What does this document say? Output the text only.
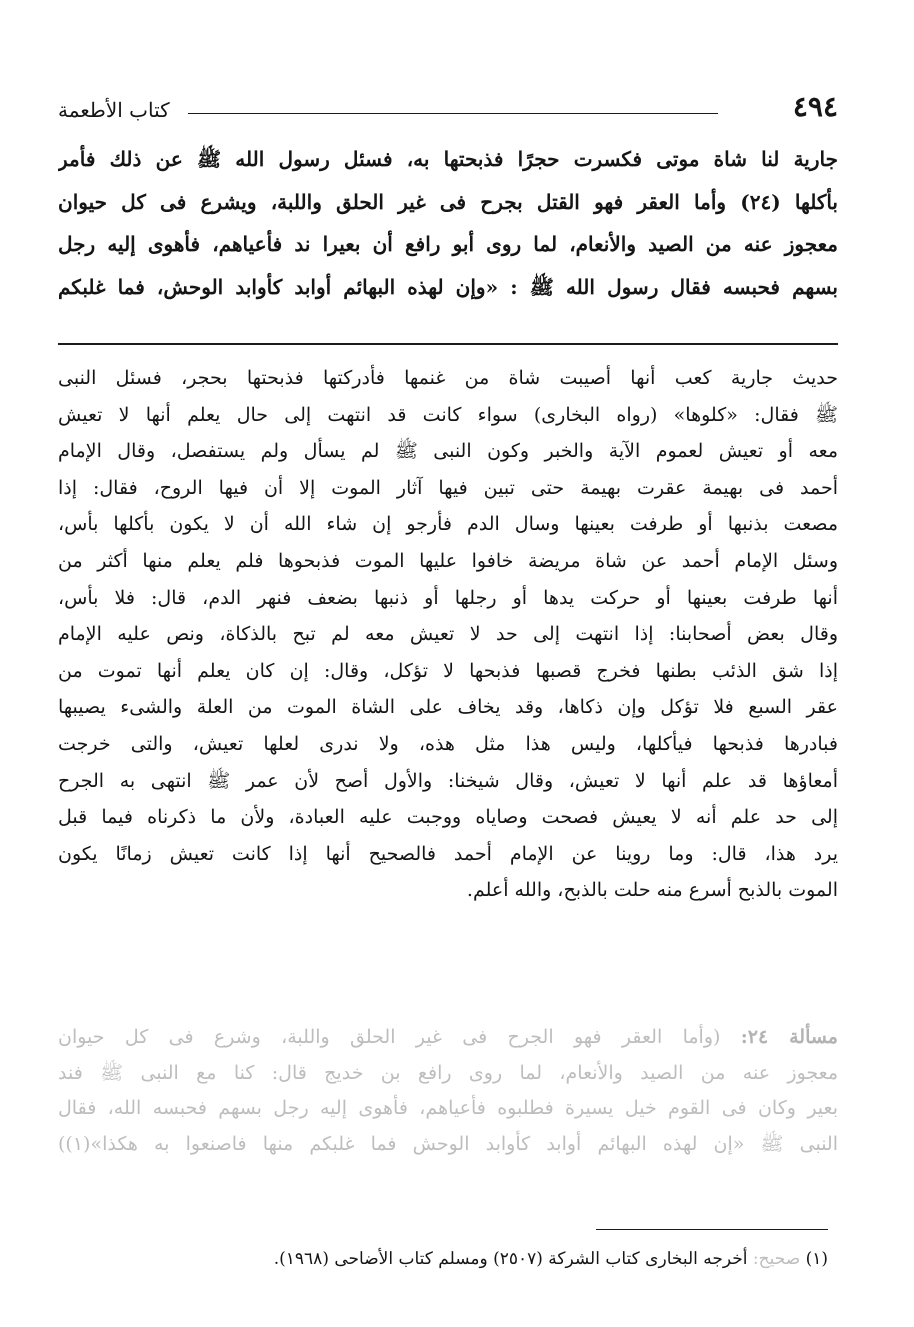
٤٩٤
كتاب الأطعمة
جارية لنا شاة موتى فكسرت حجرًا فذبحتها به، فسئل رسول الله ﷺ عن ذلك فأمر
بأكلها (٢٤) وأما العقر فهو القتل بجرح فى غير الحلق واللبة، ويشرع فى كل حيوان
معجوز عنه من الصيد والأنعام، لما روى أبو رافع أن بعيرا ند فأعياهم، فأهوى إليه رجل
بسهم فحبسه فقال رسول الله ﷺ : «وإن لهذه البهائم أوابد كأوابد الوحش، فما غلبكم
حديث جارية كعب أنها أصيبت شاة من غنمها فأدركتها فذبحتها بحجر، فسئل النبى
ﷺ فقال: «كلوها» (رواه البخارى) سواء كانت قد انتهت إلى حال يعلم أنها لا تعيش
معه أو تعيش لعموم الآية والخبر وكون النبى ﷺ لم يسأل ولم يستفصل، وقال الإمام
أحمد فى بهيمة عقرت بهيمة حتى تبين فيها آثار الموت إلا أن فيها الروح، فقال: إذا
مصعت بذنبها أو طرفت بعينها وسال الدم فأرجو إن شاء الله أن لا يكون بأكلها بأس،
وسئل الإمام أحمد عن شاة مريضة خافوا عليها الموت فذبحوها فلم يعلم منها أكثر من
أنها طرفت بعينها أو حركت يدها أو رجلها أو ذنبها بضعف فنهر الدم، قال: فلا بأس،
وقال بعض أصحابنا: إذا انتهت إلى حد لا تعيش معه لم تبح بالذكاة، ونص عليه الإمام
إذا شق الذئب بطنها فخرج قصبها فذبحها لا تؤكل، وقال: إن كان يعلم أنها تموت من
عقر السبع فلا تؤكل وإن ذكاها، وقد يخاف على الشاة الموت من العلة والشىء يصيبها
فبادرها فذبحها فيأكلها، وليس هذا مثل هذه، ولا ندرى لعلها تعيش، والتى خرجت
أمعاؤها قد علم أنها لا تعيش، وقال شيخنا: والأول أصح لأن عمر ﷺ انتهى به الجرح
إلى حد علم أنه لا يعيش فصحت وصاياه ووجبت عليه العبادة، ولأن ما ذكرناه فيما قبل
يرد هذا، قال: وما روينا عن الإمام أحمد فالصحيح أنها إذا كانت تعيش زمانًا يكون
الموت بالذبح أسرع منه حلت بالذبح، والله أعلم.
مسألة ٢٤: (وأما العقر فهو الجرح فى غير الحلق واللبة، وشرع فى كل حيوان
معجوز عنه من الصيد والأنعام، لما روى رافع بن خديج قال: كنا مع النبى ﷺ فند
بعير وكان فى القوم خيل يسيرة فطلبوه فأعياهم، فأهوى إليه رجل بسهم فحبسه الله، فقال
النبى ﷺ «إن لهذه البهائم أوابد كأوابد الوحش فما غلبكم منها فاصنعوا به هكذا»(١))
(١) صحيح: أخرجه البخارى كتاب الشركة (٢٥٠٧) ومسلم كتاب الأضاحى (١٩٦٨).
